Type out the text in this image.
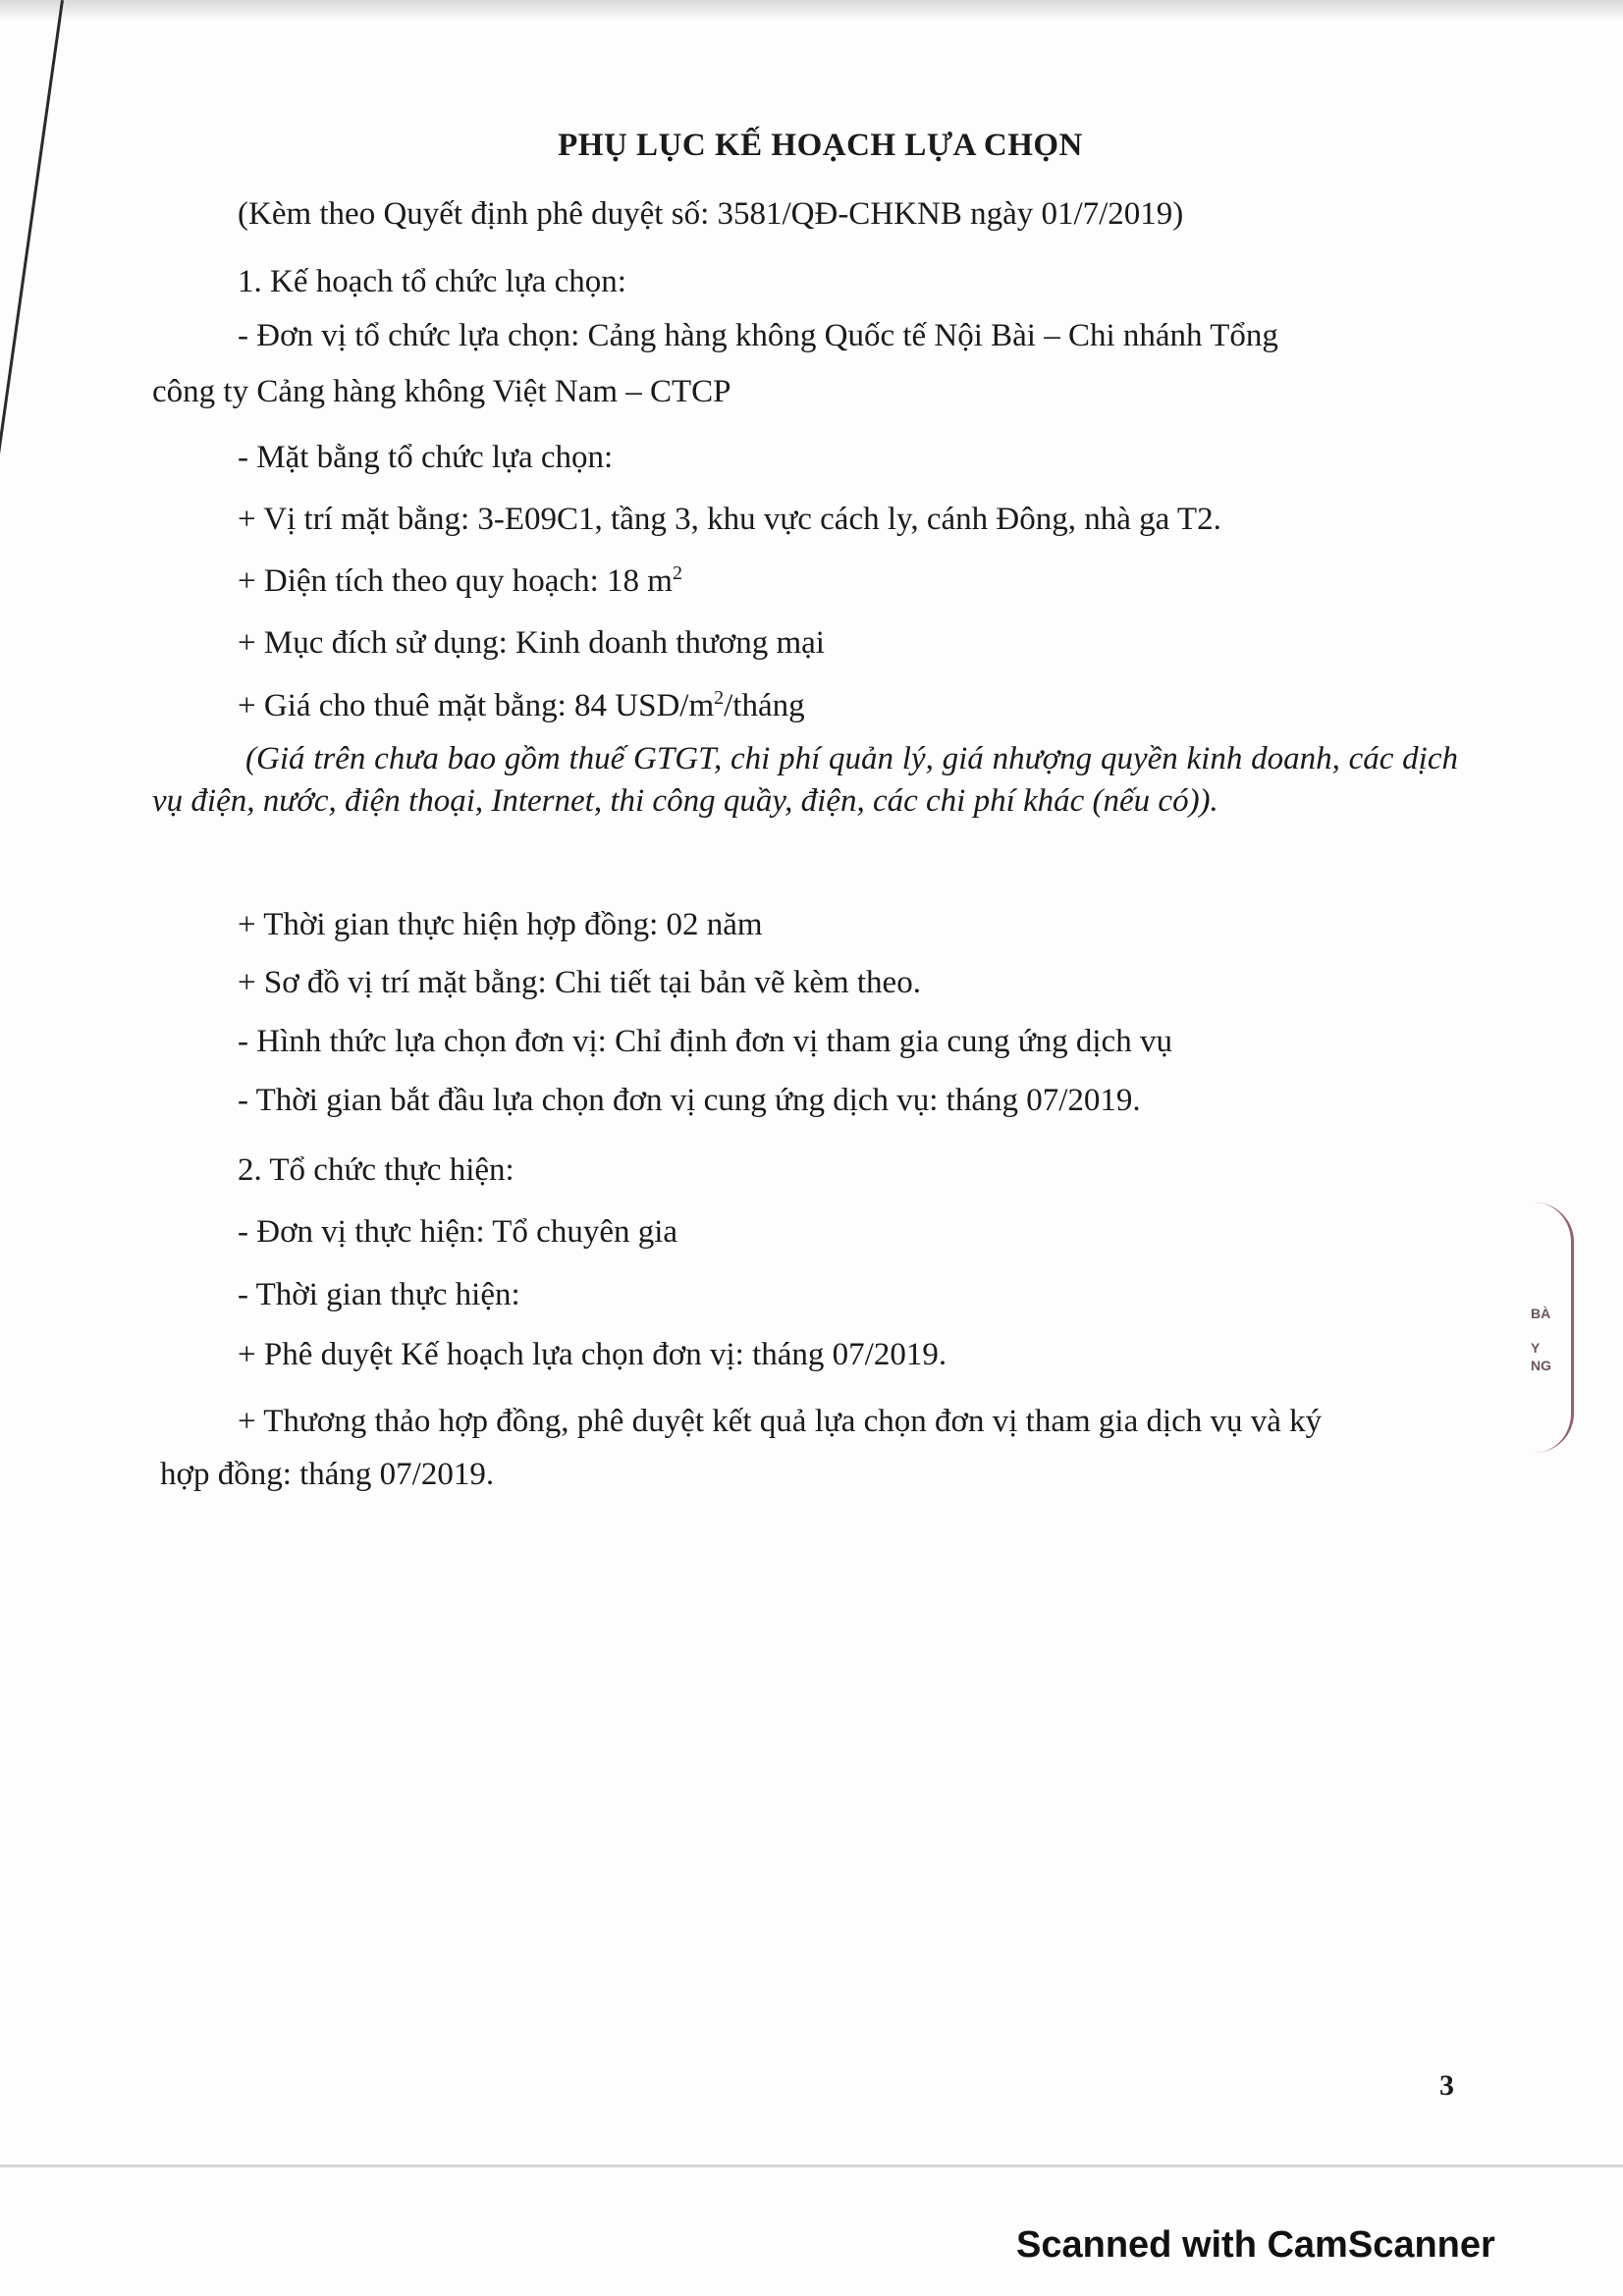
BÀ
Y
NG
PHỤ LỤC KẾ HOẠCH LỰA CHỌN
(Kèm theo Quyết định phê duyệt số: 3581/QĐ-CHKNB ngày 01/7/2019)
1. Kế hoạch tổ chức lựa chọn:
- Đơn vị tổ chức lựa chọn: Cảng hàng không Quốc tế Nội Bài – Chi nhánh Tổng
công ty Cảng hàng không Việt Nam – CTCP
- Mặt bằng tổ chức lựa chọn:
+ Vị trí mặt bằng: 3-E09C1, tầng 3, khu vực cách ly, cánh Đông, nhà ga T2.
+ Diện tích theo quy hoạch: 18 $m^2$
+ Mục đích sử dụng: Kinh doanh thương mại
+ Giá cho thuê mặt bằng: 84 USD/$m^2$/tháng
(Giá trên chưa bao gồm thuế GTGT, chi phí quản lý, giá nhượng quyền kinh doanh, các dịch vụ điện, nước, điện thoại, Internet, thi công quầy, điện, các chi phí khác (nếu có)).
+ Thời gian thực hiện hợp đồng: 02 năm
+ Sơ đồ vị trí mặt bằng: Chi tiết tại bản vẽ kèm theo.
- Hình thức lựa chọn đơn vị: Chỉ định đơn vị tham gia cung ứng dịch vụ
- Thời gian bắt đầu lựa chọn đơn vị cung ứng dịch vụ: tháng 07/2019.
2. Tổ chức thực hiện:
- Đơn vị thực hiện: Tổ chuyên gia
- Thời gian thực hiện:
+ Phê duyệt Kế hoạch lựa chọn đơn vị: tháng 07/2019.
+ Thương thảo hợp đồng, phê duyệt kết quả lựa chọn đơn vị tham gia dịch vụ và ký
hợp đồng: tháng 07/2019.
3
Scanned with CamScanner
